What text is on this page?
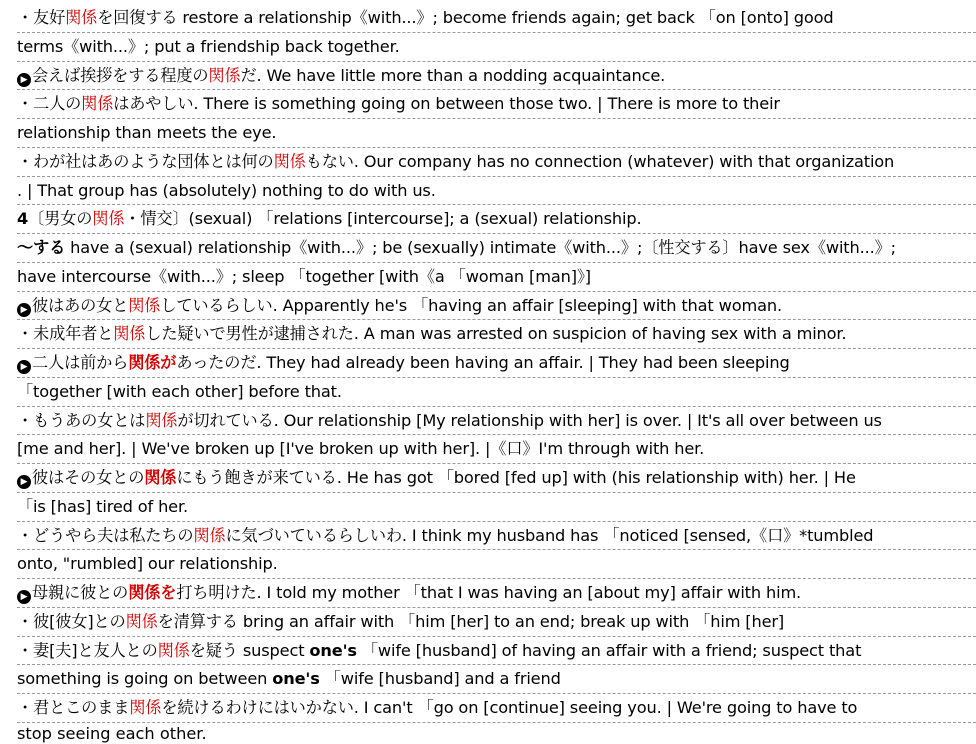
・友好関係を回復する restore a relationship《with...》; become friends again; get back 「on [onto] good
terms《with...》; put a friendship back together.
▶ 会えば挨拶をする程度の関係だ. We have little more than a nodding acquaintance.
・二人の関係はあやしい. There is something going on between those two. | There is more to their
relationship than meets the eye.
・わが社はあのような団体とは何の関係もない. Our company has no connection (whatever) with that organization
. | That group has (absolutely) nothing to do with us.
4〔男女の関係・情交〕(sexual) 「relations [intercourse]; a (sexual) relationship.
～する have a (sexual) relationship《with...》; be (sexually) intimate《with...》;〔性交する〕have sex《with...》;
have intercourse《with...》; sleep 「together [with《a 「woman [man]》]
▶ 彼はあの女と関係しているらしい. Apparently he's 「having an affair [sleeping] with that woman.
・未成年者と関係した疑いで男性が逮捕された. A man was arrested on suspicion of having sex with a minor.
▶ 二人は前から関係があったのだ. They had already been having an affair. | They had been sleeping
「together [with each other] before that.
・もうあの女とは関係が切れている. Our relationship [My relationship with her] is over. | It's all over between us
[me and her]. | We've broken up [I've broken up with her]. |《口》I'm through with her.
▶ 彼はその女との関係にもう飽きが来ている. He has got 「bored [fed up] with (his relationship with) her. | He
「is [has] tired of her.
・どうやら夫は私たちの関係に気づいているらしいわ. I think my husband has 「noticed [sensed,《口》*tumbled
onto, "rumbled] our relationship.
▶ 母親に彼との関係を打ち明けた. I told my mother 「that I was having an [about my] affair with him.
・彼[彼女]との関係を清算する bring an affair with 「him [her] to an end; break up with 「him [her]
・妻[夫]と友人との関係を疑う suspect one's 「wife [husband] of having an affair with a friend; suspect that
something is going on between one's 「wife [husband] and a friend
・君とこのまま関係を続けるわけにはいかない. I can't 「go on [continue] seeing you. | We're going to have to
stop seeing each other.
